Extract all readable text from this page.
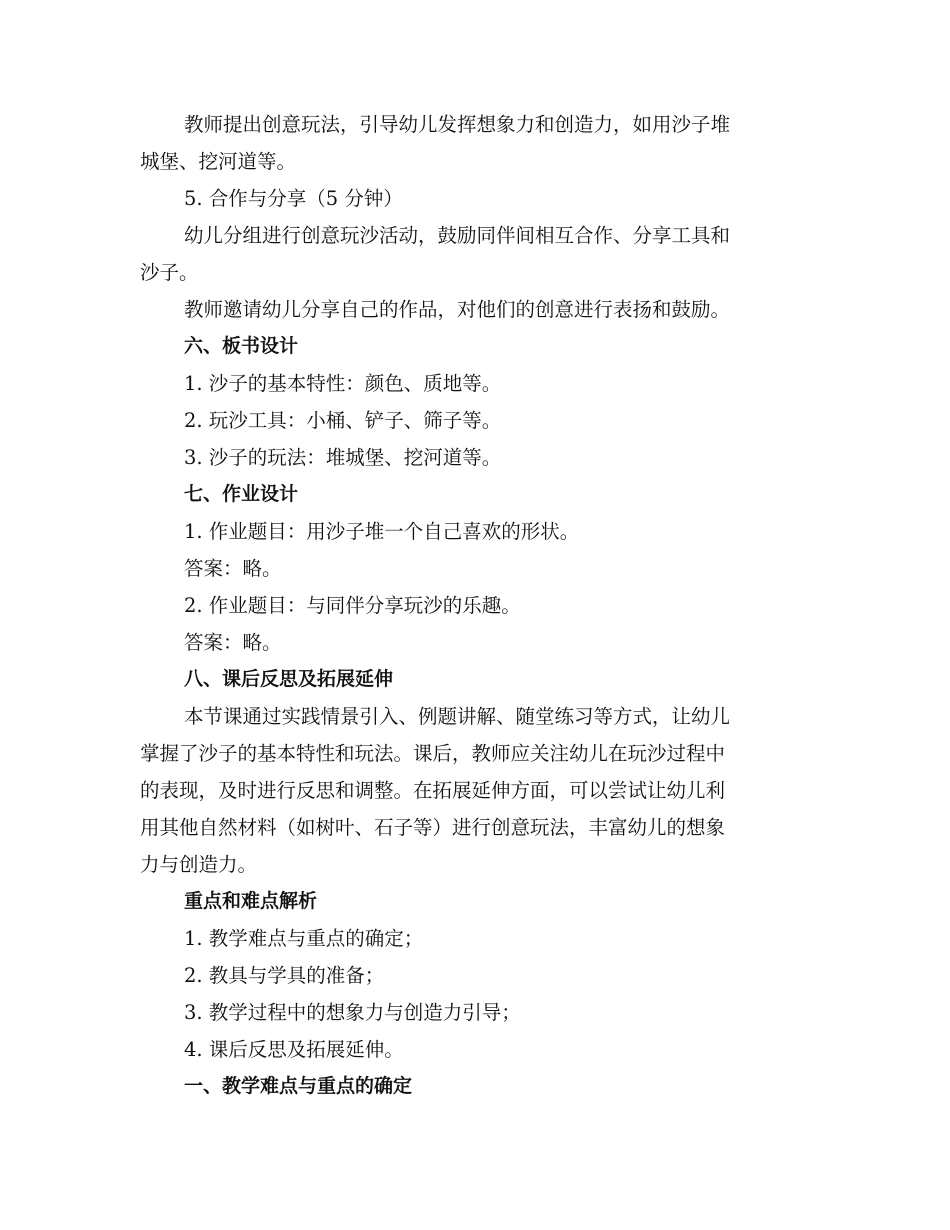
教师提出创意玩法，引导幼儿发挥想象力和创造力，如用沙子堆
城堡、挖河道等。
5. 合作与分享（5 分钟）
幼儿分组进行创意玩沙活动，鼓励同伴间相互合作、分享工具和
沙子。
教师邀请幼儿分享自己的作品，对他们的创意进行表扬和鼓励。
六、板书设计
1. 沙子的基本特性：颜色、质地等。
2. 玩沙工具：小桶、铲子、筛子等。
3. 沙子的玩法：堆城堡、挖河道等。
七、作业设计
1. 作业题目：用沙子堆一个自己喜欢的形状。
答案：略。
2. 作业题目：与同伴分享玩沙的乐趣。
答案：略。
八、课后反思及拓展延伸
本节课通过实践情景引入、例题讲解、随堂练习等方式，让幼儿
掌握了沙子的基本特性和玩法。课后，教师应关注幼儿在玩沙过程中
的表现，及时进行反思和调整。在拓展延伸方面，可以尝试让幼儿利
用其他自然材料（如树叶、石子等）进行创意玩法，丰富幼儿的想象
力与创造力。
重点和难点解析
1. 教学难点与重点的确定；
2. 教具与学具的准备；
3. 教学过程中的想象力与创造力引导；
4. 课后反思及拓展延伸。
一、教学难点与重点的确定
